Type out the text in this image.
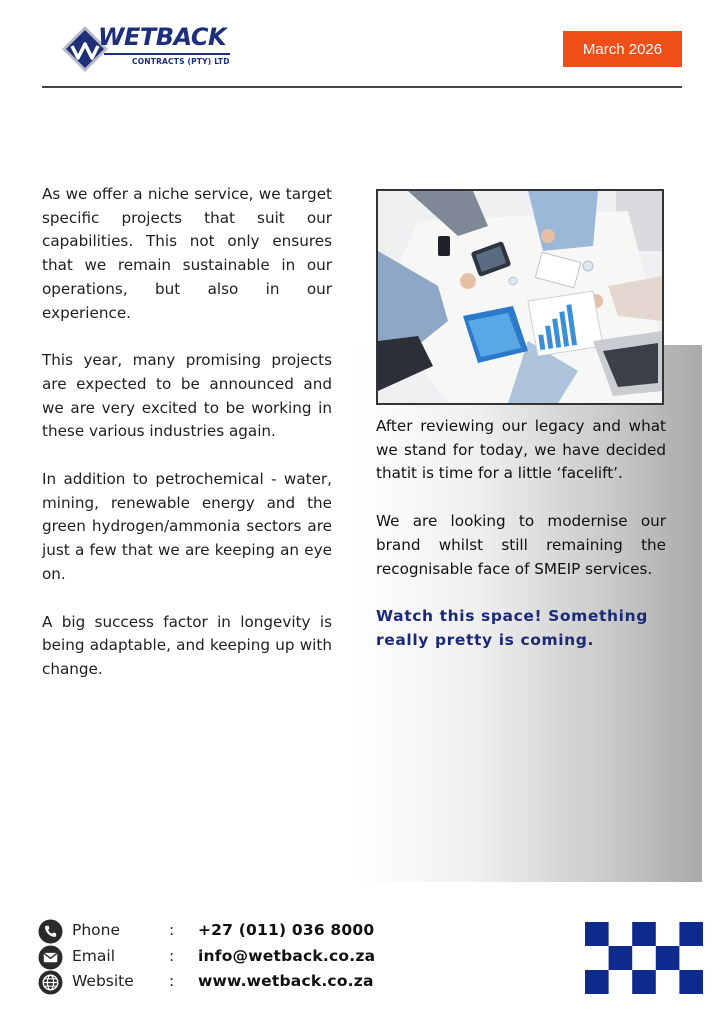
WETBACK
CONTRACTS (PTY) LTD
March 2026

As we offer a niche service, we target specific projects that suit our capabilities. This not only ensures that we remain sustainable in our operations, but also in our experience.

This year, many promising projects are expected to be announced and we are very excited to be working in these various industries again.

In addition to petrochemical - water, mining, renewable energy and the green hydrogen/ammonia sectors are just a few that we are keeping an eye on.

A big success factor in longevity is being adaptable, and keeping up with change.

After reviewing our legacy and what we stand for today, we have decided thatit is time for a little ‘facelift’.

We are looking to modernise our brand whilst still remaining the recognisable face of SMEIP services.

Watch this space! Something really pretty is coming.

Phone	: +27 (011) 036 8000
Email	: info@wetback.co.za
Website : www.wetback.co.za
